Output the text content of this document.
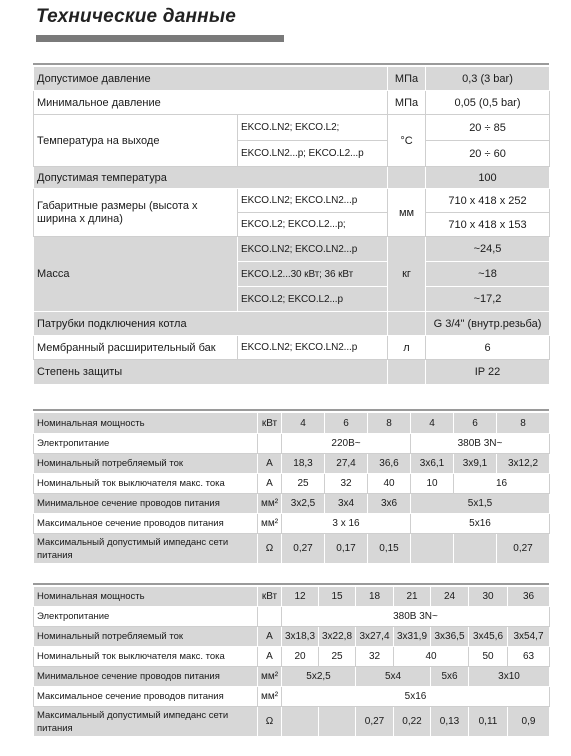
Технические данные
Допустимое давление		МПа	0,3 (3 bar)
Минимальное давление		МПа	0,05 (0,5 bar)
Температура на выходе	EKCO.LN2; EKCO.L2;	°C	20 ÷ 85
	EKCO.LN2...p; EKCO.L2...p		20 ÷ 60
Допустимая температура			100
Габаритные размеры (высота х ширина х длина)	EKCO.LN2; EKCO.LN2...p	мм	710 x 418 x 252
	EKCO.L2; EKCO.L2...p;		710 x 418 x 153
Масса	EKCO.LN2; EKCO.LN2...p	кг	~24,5
	EKCO.L2...30 кВт; 36 кВт		~18
	EKCO.L2; EKCO.L2...p		~17,2
Патрубки подключения котла			G 3/4" (внутр.резьба)
Мембранный расширительный бак	EKCO.LN2; EKCO.LN2...p	л	6
Степень защиты			IP 22
Номинальная мощность	кВт	4	6	8	4	6	8
Электропитание		220В~			380В 3N~		
Номинальный потребляемый ток	A	18,3	27,4	36,6	3x6,1	3x9,1	3x12,2
Номинальный ток выключателя макс. тока	A	25	32	40	10	16	
Минимальное сечение проводов питания	мм²	3x2,5	3x4	3x6	5x1,5		
Максимальное сечение проводов питания	мм²	3 x 16			5x16		
Максимальный допустимый импеданс сети питания	Ω	0,27	0,17	0,15			0,27
Номинальная мощность	кВт	12	15	18	21	24	30	36
Электропитание		380В 3N~						
Номинальный потребляемый ток	A	3x18,3	3x22,8	3x27,4	3x31,9	3x36,5	3x45,6	3x54,7
Номинальный ток выключателя макс. тока	A	20	25	32	40		50	63
Минимальное сечение проводов питания	мм²	5x2,5		5x4		5x6	3x10	
Максимальное сечение проводов питания	мм²	5x16						
Максимальный допустимый импеданс сети питания	Ω			0,27	0,22	0,13	0,11	0,9
